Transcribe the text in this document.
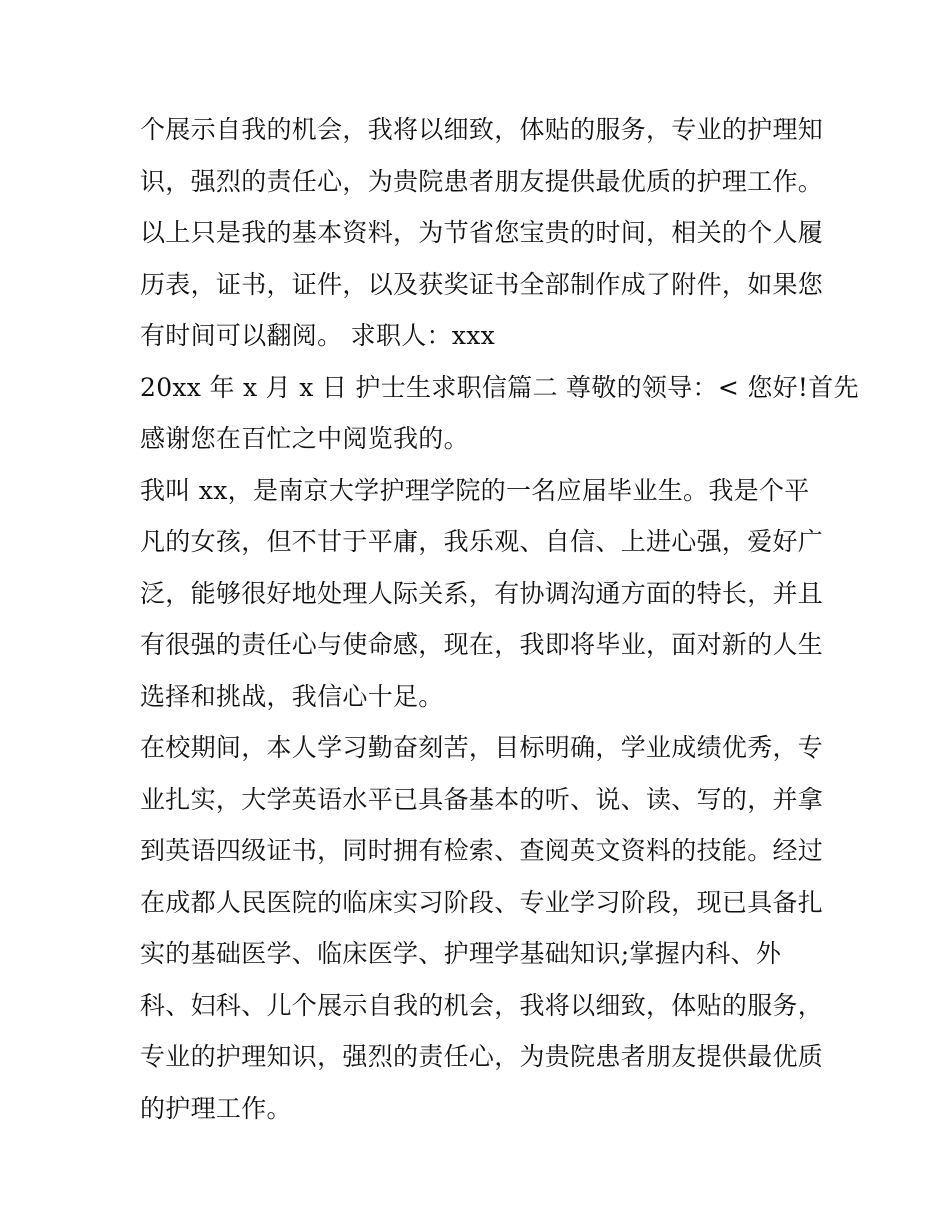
个展示自我的机会，我将以细致，体贴的服务，专业的护理知

识，强烈的责任心，为贵院患者朋友提供最优质的护理工作。

以上只是我的基本资料，为节省您宝贵的时间，相关的个人履

历表，证书，证件，以及获奖证书全部制作成了附件，如果您

有时间可以翻阅。 求职人：xxx

20xx 年 x 月 x 日 护士生求职信篇二 尊敬的领导：< 您好!首先

感谢您在百忙之中阅览我的。

我叫 xx，是南京大学护理学院的一名应届毕业生。我是个平

凡的女孩，但不甘于平庸，我乐观、自信、上进心强，爱好广

泛，能够很好地处理人际关系，有协调沟通方面的特长，并且

有很强的责任心与使命感，现在，我即将毕业，面对新的人生

选择和挑战，我信心十足。

在校期间，本人学习勤奋刻苦，目标明确，学业成绩优秀，专

业扎实，大学英语水平已具备基本的听、说、读、写的，并拿

到英语四级证书，同时拥有检索、查阅英文资料的技能。经过

在成都人民医院的临床实习阶段、专业学习阶段，现已具备扎

实的基础医学、临床医学、护理学基础知识;掌握内科、外

科、妇科、儿个展示自我的机会，我将以细致，体贴的服务，

专业的护理知识，强烈的责任心，为贵院患者朋友提供最优质

的护理工作。
